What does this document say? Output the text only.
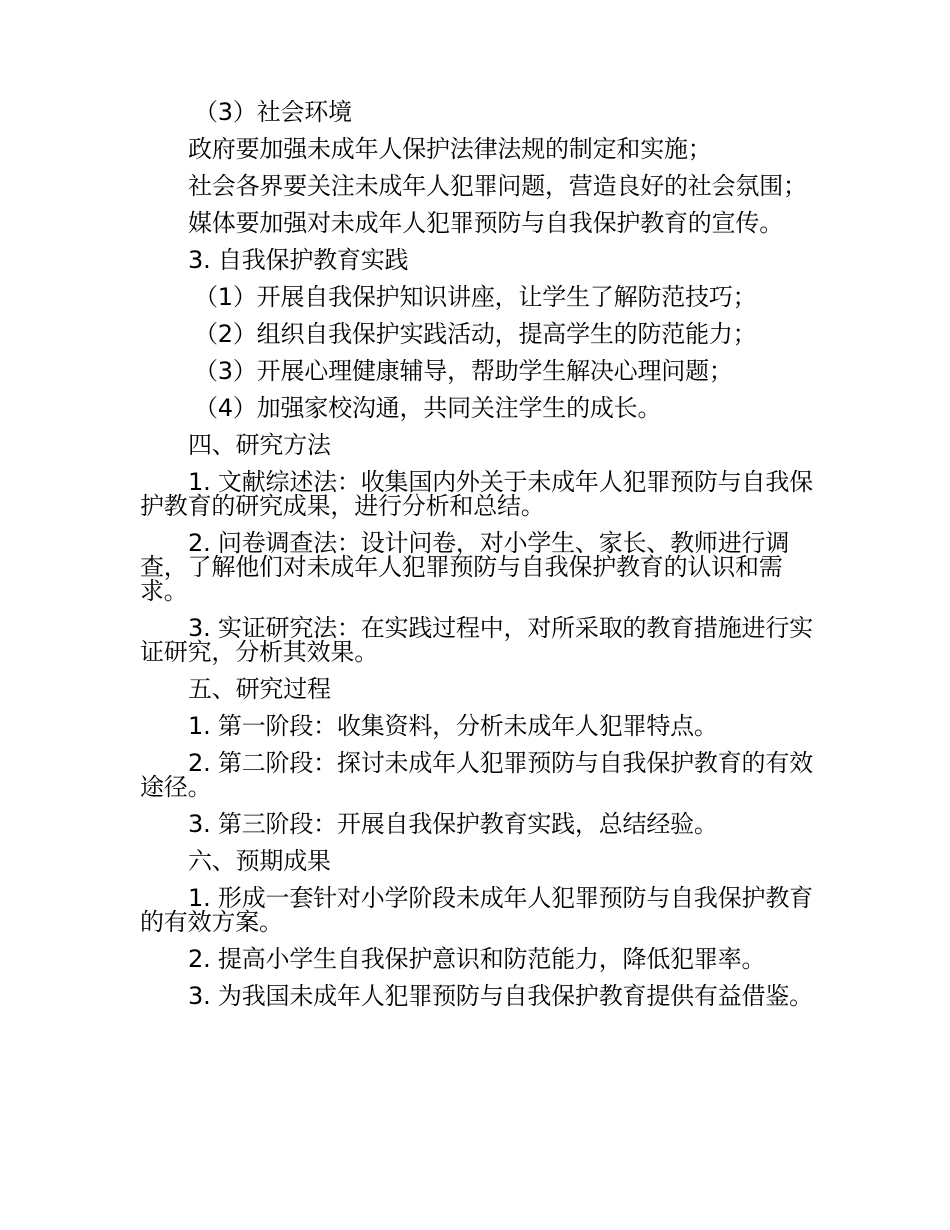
（3）社会环境

政府要加强未成年人保护法律法规的制定和实施；

社会各界要关注未成年人犯罪问题，营造良好的社会氛围；

媒体要加强对未成年人犯罪预防与自我保护教育的宣传。

3. 自我保护教育实践

（1）开展自我保护知识讲座，让学生了解防范技巧；

（2）组织自我保护实践活动，提高学生的防范能力；

（3）开展心理健康辅导，帮助学生解决心理问题；

（4）加强家校沟通，共同关注学生的成长。

四、研究方法

1. 文献综述法：收集国内外关于未成年人犯罪预防与自我保护教育的研究成果，进行分析和总结。

2. 问卷调查法：设计问卷，对小学生、家长、教师进行调查，了解他们对未成年人犯罪预防与自我保护教育的认识和需求。

3. 实证研究法：在实践过程中，对所采取的教育措施进行实证研究，分析其效果。

五、研究过程

1. 第一阶段：收集资料，分析未成年人犯罪特点。

2. 第二阶段：探讨未成年人犯罪预防与自我保护教育的有效途径。

3. 第三阶段：开展自我保护教育实践，总结经验。

六、预期成果

1. 形成一套针对小学阶段未成年人犯罪预防与自我保护教育的有效方案。

2. 提高小学生自我保护意识和防范能力，降低犯罪率。

3. 为我国未成年人犯罪预防与自我保护教育提供有益借鉴。
